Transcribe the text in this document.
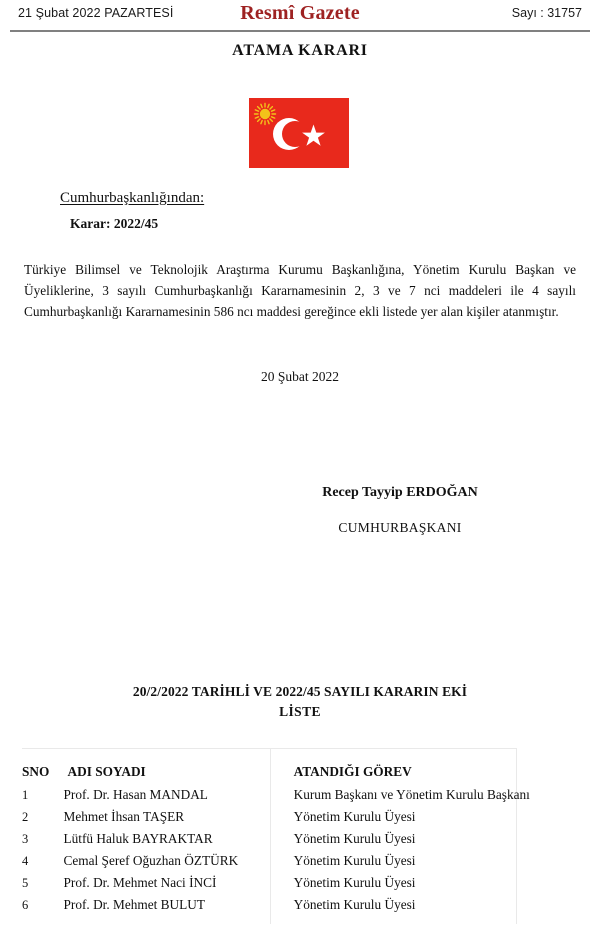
21 Şubat 2022 PAZARTESİ	Resmî Gazete	Sayı : 31757
ATAMA KARARI
Cumhurbaşkanlığından:
Karar: 2022/45
Türkiye Bilimsel ve Teknolojik Araştırma Kurumu Başkanlığına, Yönetim Kurulu Başkan ve Üyeliklerine, 3 sayılı Cumhurbaşkanlığı Kararnamesinin 2, 3 ve 7 nci maddeleri ile 4 sayılı Cumhurbaşkanlığı Kararnamesinin 586 ncı maddesi gereğince ekli listede yer alan kişiler atanmıştır.
20 Şubat 2022
Recep Tayyip ERDOĞAN
CUMHURBAŞKANI
20/2/2022 TARİHLİ VE 2022/45 SAYILI KARARIN EKİ
LİSTE
SNO	ADI SOYADI	ATANDIĞI GÖREV
1	Prof. Dr. Hasan MANDAL	Kurum Başkanı ve Yönetim Kurulu Başkanı
2	Mehmet İhsan TAŞER	Yönetim Kurulu Üyesi
3	Lütfü Haluk BAYRAKTAR	Yönetim Kurulu Üyesi
4	Cemal Şeref Oğuzhan ÖZTÜRK	Yönetim Kurulu Üyesi
5	Prof. Dr. Mehmet Naci İNCİ	Yönetim Kurulu Üyesi
6	Prof. Dr. Mehmet BULUT	Yönetim Kurulu Üyesi
